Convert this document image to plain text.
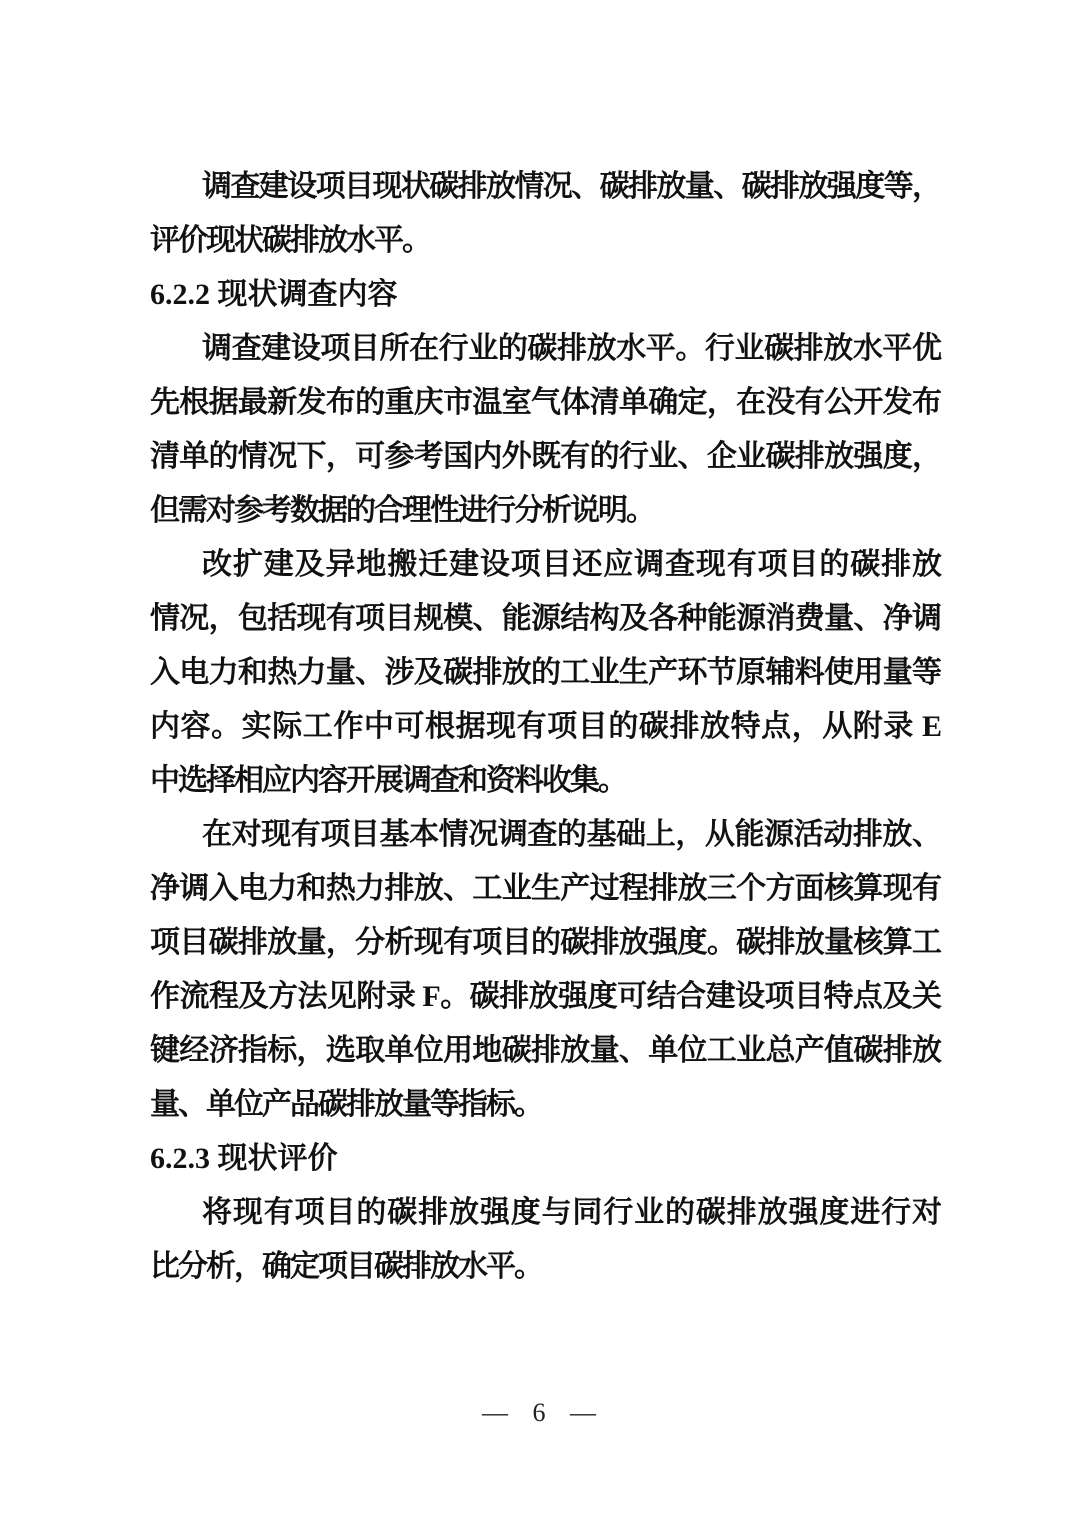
调查建设项目现状碳排放情况、碳排放量、碳排放强度等，
评价现状碳排放水平。
6.2.2 现状调查内容
调查建设项目所在行业的碳排放水平。行业碳排放水平优
先根据最新发布的重庆市温室气体清单确定，在没有公开发布
清单的情况下，可参考国内外既有的行业、企业碳排放强度，
但需对参考数据的合理性进行分析说明。
改扩建及异地搬迁建设项目还应调查现有项目的碳排放
情况，包括现有项目规模、能源结构及各种能源消费量、净调
入电力和热力量、涉及碳排放的工业生产环节原辅料使用量等
内容。实际工作中可根据现有项目的碳排放特点，从附录 E
中选择相应内容开展调查和资料收集。
在对现有项目基本情况调查的基础上，从能源活动排放、
净调入电力和热力排放、工业生产过程排放三个方面核算现有
项目碳排放量，分析现有项目的碳排放强度。碳排放量核算工
作流程及方法见附录 F。碳排放强度可结合建设项目特点及关
键经济指标，选取单位用地碳排放量、单位工业总产值碳排放
量、单位产品碳排放量等指标。
6.2.3 现状评价
将现有项目的碳排放强度与同行业的碳排放强度进行对
比分析，确定项目碳排放水平。
— 6 —
